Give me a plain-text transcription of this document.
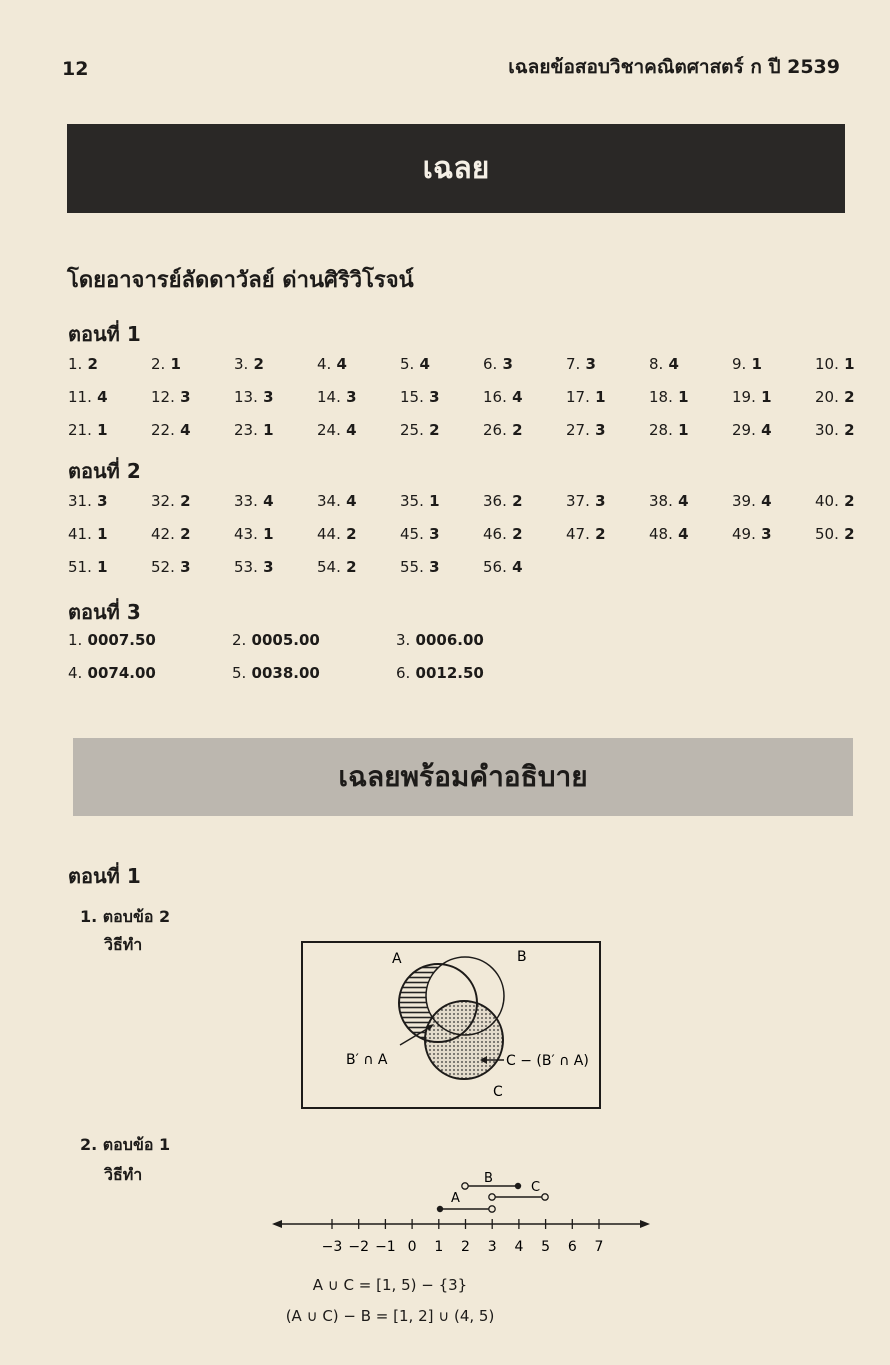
12	เฉลยข้อสอบวิชาคณิตศาสตร์ ก ปี 2539
เฉลย
โดยอาจารย์ลัดดาวัลย์ ด่านศิริวิโรจน์
ตอนที่ 1
1. 2	2. 1	3. 2	4. 4	5. 4	6. 3	7. 3	8. 4	9. 1	10. 1
11. 4	12. 3	13. 3	14. 3	15. 3	16. 4	17. 1	18. 1	19. 1	20. 2
21. 1	22. 4	23. 1	24. 4	25. 2	26. 2	27. 3	28. 1	29. 4	30. 2
ตอนที่ 2
31. 3	32. 2	33. 4	34. 4	35. 1	36. 2	37. 3	38. 4	39. 4	40. 2
41. 1	42. 2	43. 1	44. 2	45. 3	46. 2	47. 2	48. 4	49. 3	50. 2
51. 1	52. 3	53. 3	54. 2	55. 3	56. 4
ตอนที่ 3
1. 0007.50	2. 0005.00	3. 0006.00
4. 0074.00	5. 0038.00	6. 0012.50
เฉลยพร้อมคำอธิบาย
ตอนที่ 1
1. ตอบข้อ 2
วิธีทำ
A	B
C
B′ ∩ A	C − (B′ ∩ A)
2. ตอบข้อ 1
วิธีทำ
−3 −2 −1 0 1 2 3 4 5 6 7
B
C
A
A ∪ C = [1, 5) − {3}
(A ∪ C) − B = [1, 2] ∪ (4, 5)
